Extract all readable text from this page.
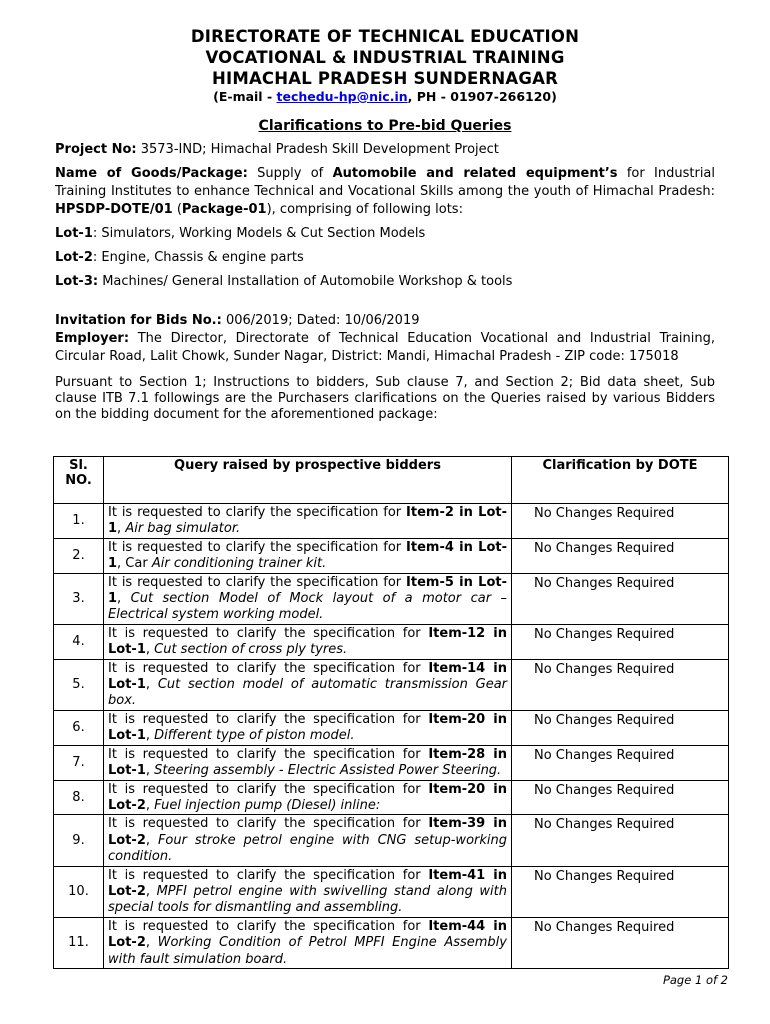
DIRECTORATE OF TECHNICAL EDUCATION
VOCATIONAL & INDUSTRIAL TRAINING
HIMACHAL PRADESH SUNDERNAGAR
(E-mail - techedu-hp@nic.in, PH - 01907-266120)
Clarifications to Pre-bid Queries

Project No: 3573-IND; Himachal Pradesh Skill Development Project

Name of Goods/Package: Supply of Automobile and related equipment’s for Industrial Training Institutes to enhance Technical and Vocational Skills among the youth of Himachal Pradesh: HPSDP-DOTE/01 (Package-01), comprising of following lots:

Lot-1: Simulators, Working Models & Cut Section Models

Lot-2: Engine, Chassis & engine parts

Lot-3: Machines/ General Installation of Automobile Workshop & tools

Invitation for Bids No.: 006/2019; Dated: 10/06/2019

Employer: The Director, Directorate of Technical Education Vocational and Industrial Training, Circular Road, Lalit Chowk, Sunder Nagar, District: Mandi, Himachal Pradesh - ZIP code: 175018

Pursuant to Section 1; Instructions to bidders, Sub clause 7, and Section 2; Bid data sheet, Sub clause ITB 7.1 followings are the Purchasers clarifications on the Queries raised by various Bidders on the bidding document for the aforementioned package:

Sl. NO.	Query raised by prospective bidders	Clarification by DOTE
1.	It is requested to clarify the specification for Item-2 in Lot-1, Air bag simulator.	No Changes Required
2.	It is requested to clarify the specification for Item-4 in Lot-1, Car Air conditioning trainer kit.	No Changes Required
3.	It is requested to clarify the specification for Item-5 in Lot-1, Cut section Model of Mock layout of a motor car – Electrical system working model.	No Changes Required
4.	It is requested to clarify the specification for Item-12 in Lot-1, Cut section of cross ply tyres.	No Changes Required
5.	It is requested to clarify the specification for Item-14 in Lot-1, Cut section model of automatic transmission Gear box.	No Changes Required
6.	It is requested to clarify the specification for Item-20 in Lot-1, Different type of piston model.	No Changes Required
7.	It is requested to clarify the specification for Item-28 in Lot-1, Steering assembly - Electric Assisted Power Steering.	No Changes Required
8.	It is requested to clarify the specification for Item-20 in Lot-2, Fuel injection pump (Diesel) inline:	No Changes Required
9.	It is requested to clarify the specification for Item-39 in Lot-2, Four stroke petrol engine with CNG setup-working condition.	No Changes Required
10.	It is requested to clarify the specification for Item-41 in Lot-2, MPFI petrol engine with swivelling stand along with special tools for dismantling and assembling.	No Changes Required
11.	It is requested to clarify the specification for Item-44 in Lot-2, Working Condition of Petrol MPFI Engine Assembly with fault simulation board.	No Changes Required
Page 1 of 2
